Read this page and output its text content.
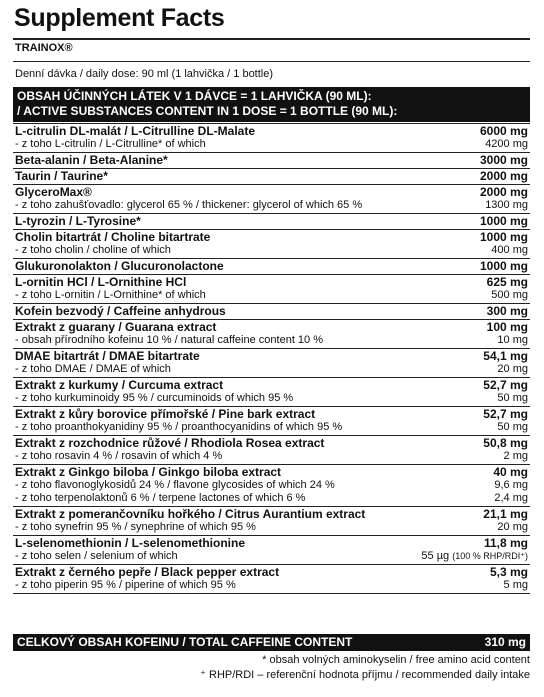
Supplement Facts
TRAINOX®
Denní dávka / daily dose: 90 ml (1 lahvička / 1 bottle)
OBSAH ÚČINNÝCH LÁTEK V 1 DÁVCE = 1 LAHVIČKA (90 ML):
/ ACTIVE SUBSTANCES CONTENT IN 1 DOSE = 1 BOTTLE (90 ML):
L-citrulin DL-malát / L-Citrulline DL-Malate	6000 mg
- z toho L-citrulin / L-Citrulline* of which	4200 mg
Beta-alanin / Beta-Alanine*	3000 mg
Taurin / Taurine*	2000 mg
GlyceroMax®	2000 mg
- z toho zahušťovadlo: glycerol 65 % / thickener: glycerol of which 65 %	1300 mg
L-tyrozin / L-Tyrosine*	1000 mg
Cholin bitartrát / Choline bitartrate	1000 mg
- z toho cholin / choline of which	400 mg
Glukuronolakton / Glucuronolactone	1000 mg
L-ornitin HCl / L-Ornithine HCl	625 mg
- z toho L-ornitin / L-Ornithine* of which	500 mg
Kofein bezvodý / Caffeine anhydrous	300 mg
Extrakt z guarany / Guarana extract	100 mg
- obsah přírodního kofeinu 10 % / natural caffeine content 10 %	10 mg
DMAE bitartrát / DMAE bitartrate	54,1 mg
- z toho DMAE / DMAE of which	20 mg
Extrakt z kurkumy / Curcuma extract	52,7 mg
- z toho kurkuminoidy 95 % / curcuminoids of which 95 %	50 mg
Extrakt z kůry borovice přímořské / Pine bark extract	52,7 mg
- z toho proanthokyanidiny 95 % / proanthocyanidins of which 95 %	50 mg
Extrakt z rozchodnice růžové / Rhodiola Rosea extract	50,8 mg
- z toho rosavin 4 % / rosavin of which 4 %	2 mg
Extrakt z Ginkgo biloba / Ginkgo biloba extract	40 mg
- z toho flavonoglykosidů 24 % / flavone glycosides of which 24 %	9,6 mg
- z toho terpenolaktonů 6 % / terpene lactones of which 6 %	2,4 mg
Extrakt z pomerančovníku hořkého / Citrus Aurantium extract	21,1 mg
- z toho synefrin 95 % / synephrine of which 95 %	20 mg
L-selenomethionin / L-selenomethionine	11,8 mg
- z toho selen / selenium of which	55 µg (100 % RHP/RDI⁺)
Extrakt z černého pepře / Black pepper extract	5,3 mg
- z toho piperin 95 % / piperine of which 95 %	5 mg
CELKOVÝ OBSAH KOFEINU / TOTAL CAFFEINE CONTENT	310 mg
* obsah volných aminokyselin / free amino acid content
⁺ RHP/RDI – referenční hodnota příjmu / recommended daily intake
